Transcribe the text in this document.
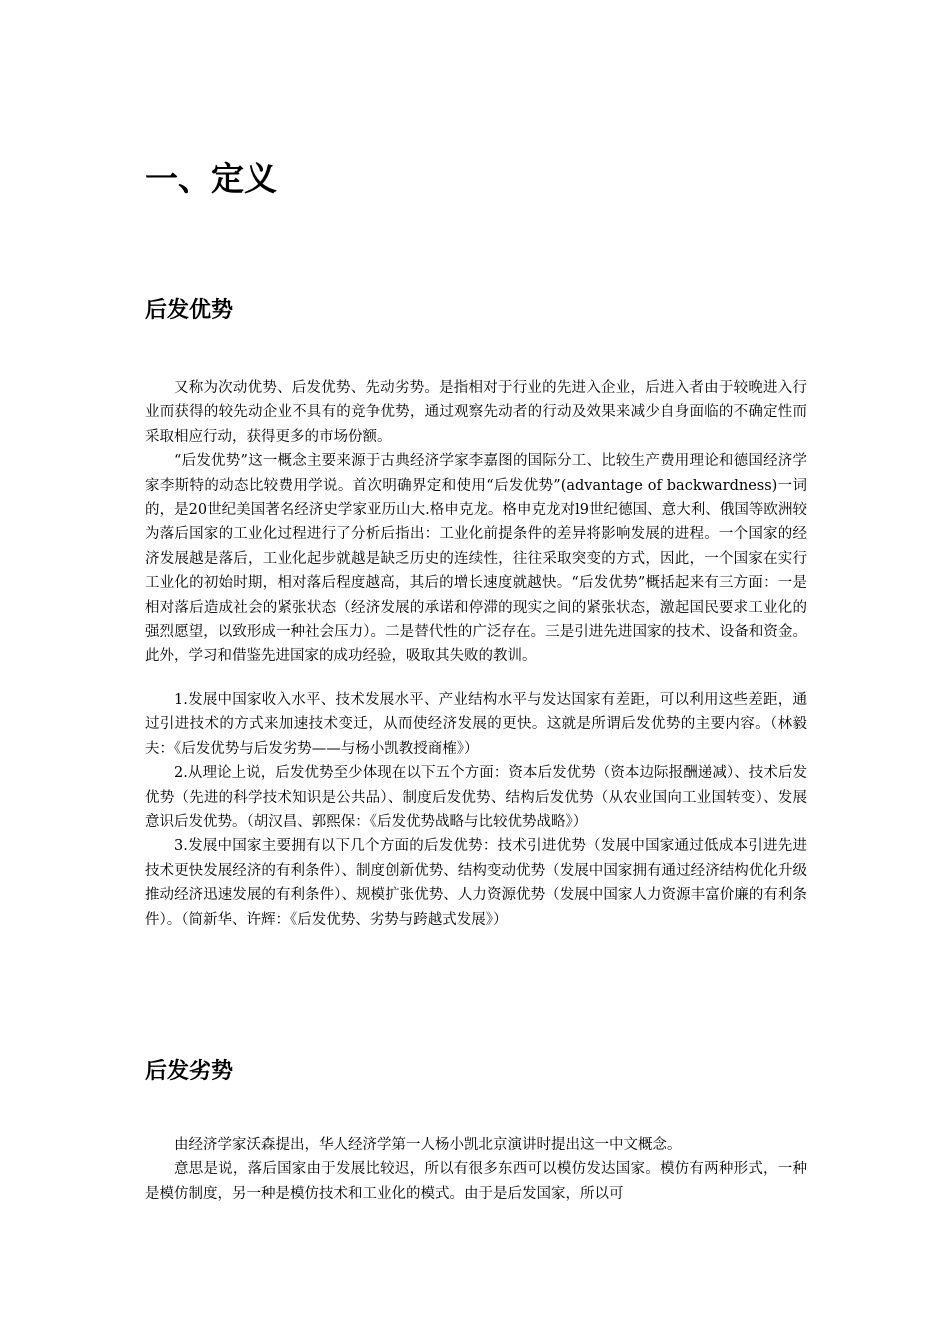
一、定义
后发优势

又称为次动优势、后发优势、先动劣势。是指相对于行业的先进入企业，后进入者由于较晚进入行业而获得的较先动企业不具有的竞争优势，通过观察先动者的行动及效果来减少自身面临的不确定性而采取相应行动，获得更多的市场份额。

“后发优势”这一概念主要来源于古典经济学家李嘉图的国际分工、比较生产费用理论和德国经济学家李斯特的动态比较费用学说。首次明确界定和使用“后发优势”(advantage of backwardness)一词的，是20世纪美国著名经济史学家亚历山大.格申克龙。格申克龙对l9世纪德国、意大利、俄国等欧洲较为落后国家的工业化过程进行了分析后指出：工业化前提条件的差异将影响发展的进程。一个国家的经济发展越是落后，工业化起步就越是缺乏历史的连续性，往往采取突变的方式，因此，一个国家在实行工业化的初始时期，相对落后程度越高，其后的增长速度就越快。“后发优势”概括起来有三方面：一是相对落后造成社会的紧张状态（经济发展的承诺和停滞的现实之间的紧张状态，激起国民要求工业化的强烈愿望，以致形成一种社会压力）。二是替代性的广泛存在。三是引进先进国家的技术、设备和资金。此外，学习和借鉴先进国家的成功经验，吸取其失败的教训。

1.发展中国家收入水平、技术发展水平、产业结构水平与发达国家有差距，可以利用这些差距，通过引进技术的方式来加速技术变迁，从而使经济发展的更快。这就是所谓后发优势的主要内容。（林毅夫：《后发优势与后发劣势——与杨小凯教授商榷》）

2.从理论上说，后发优势至少体现在以下五个方面：资本后发优势（资本边际报酬递减）、技术后发优势（先进的科学技术知识是公共品）、制度后发优势、结构后发优势（从农业国向工业国转变）、发展意识后发优势。（胡汉昌、郭熙保：《后发优势战略与比较优势战略》）

3.发展中国家主要拥有以下几个方面的后发优势：技术引进优势（发展中国家通过低成本引进先进技术更快发展经济的有利条件）、制度创新优势、结构变动优势（发展中国家拥有通过经济结构优化升级推动经济迅速发展的有利条件）、规模扩张优势、人力资源优势（发展中国家人力资源丰富价廉的有利条件）。（简新华、许辉：《后发优势、劣势与跨越式发展》）

后发劣势

由经济学家沃森提出，华人经济学第一人杨小凯北京演讲时提出这一中文概念。

意思是说，落后国家由于发展比较迟，所以有很多东西可以模仿发达国家。模仿有两种形式，一种是模仿制度，另一种是模仿技术和工业化的模式。由于是后发国家，所以可
